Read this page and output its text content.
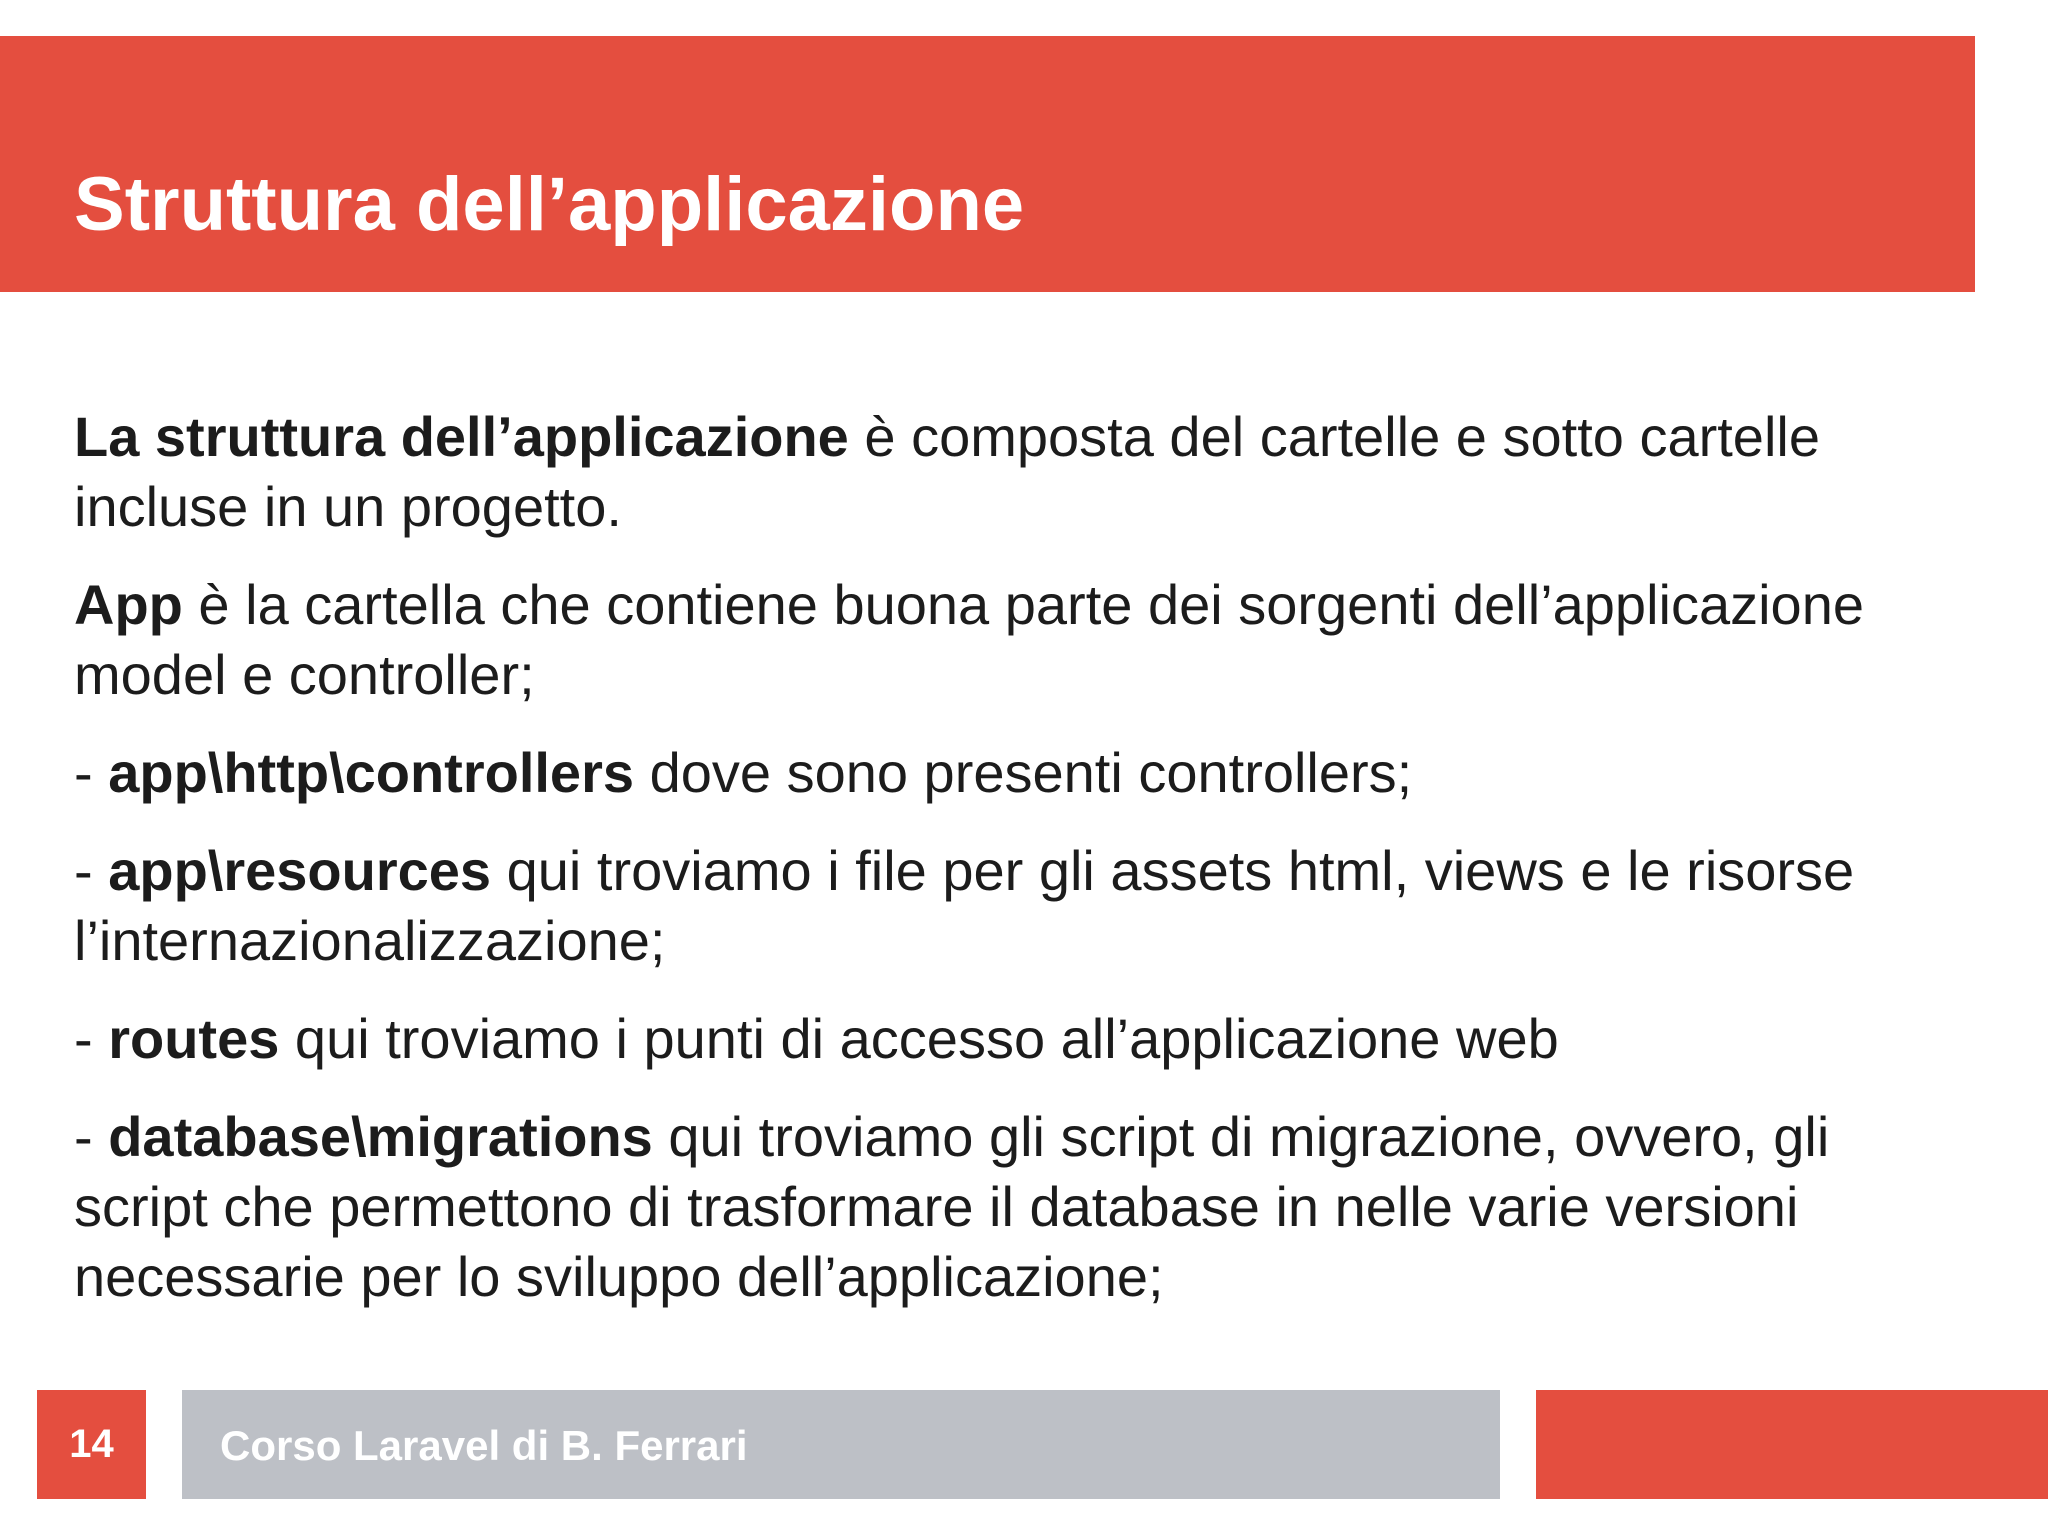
Struttura dell’applicazione

La struttura dell’applicazione è composta del cartelle e sotto cartelle incluse in un progetto.

App è la cartella che contiene buona parte dei sorgenti dell’applicazione model e controller;

- app\http\controllers dove sono presenti controllers;

- app\resources qui troviamo i file per gli assets html, views e le risorse l’internazionalizzazione;

- routes qui troviamo i punti di accesso all’applicazione web

- database\migrations qui troviamo gli script di migrazione, ovvero, gli script che permettono di trasformare il database in nelle varie versioni necessarie per lo sviluppo dell’applicazione;

14	Corso Laravel di B. Ferrari
